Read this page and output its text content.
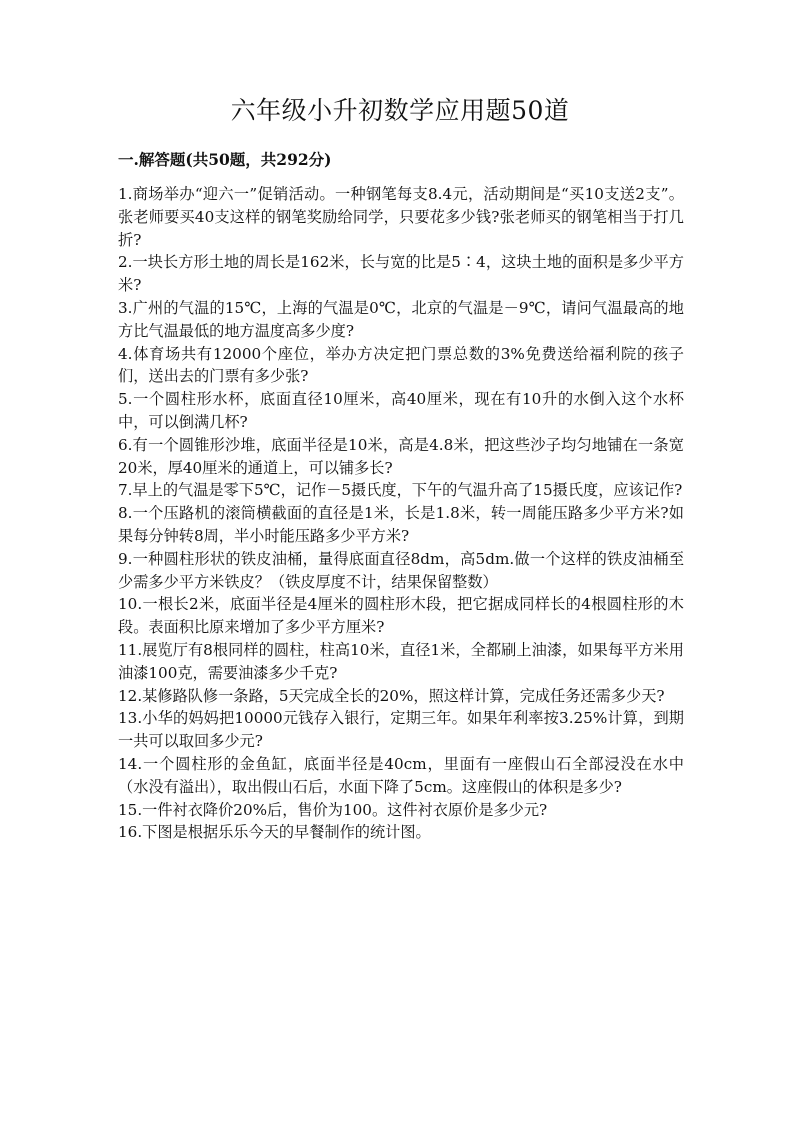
六年级小升初数学应用题50道
一.解答题(共50题，共292分)

1.商场举办“迎六一”促销活动。一种钢笔每支8.4元，活动期间是“买10支送2支”。张老师要买40支这样的钢笔奖励给同学，只要花多少钱?张老师买的钢笔相当于打几折?

2.一块长方形土地的周长是162米，长与宽的比是5∶4，这块土地的面积是多少平方米?

3.广州的气温的15℃，上海的气温是0℃，北京的气温是－9℃，请问气温最高的地方比气温最低的地方温度高多少度?

4.体育场共有12000个座位，举办方决定把门票总数的3%免费送给福利院的孩子们，送出去的门票有多少张?

5.一个圆柱形水杯，底面直径10厘米，高40厘米，现在有10升的水倒入这个水杯中，可以倒满几杯?

6.有一个圆锥形沙堆，底面半径是10米，高是4.8米，把这些沙子均匀地铺在一条宽20米，厚40厘米的通道上，可以铺多长?

7.早上的气温是零下5℃，记作－5摄氏度，下午的气温升高了15摄氏度，应该记作?

8.一个压路机的滚筒横截面的直径是1米，长是1.8米，转一周能压路多少平方米?如果每分钟转8周，半小时能压路多少平方米?

9.一种圆柱形状的铁皮油桶，量得底面直径8dm，高5dm.做一个这样的铁皮油桶至少需多少平方米铁皮？（铁皮厚度不计，结果保留整数）

10.一根长2米，底面半径是4厘米的圆柱形木段，把它据成同样长的4根圆柱形的木段。表面积比原来增加了多少平方厘米?

11.展览厅有8根同样的圆柱，柱高10米，直径1米，全都刷上油漆，如果每平方米用油漆100克，需要油漆多少千克?

12.某修路队修一条路，5天完成全长的20%，照这样计算，完成任务还需多少天?

13.小华的妈妈把10000元钱存入银行，定期三年。如果年利率按3.25%计算，到期一共可以取回多少元?

14.一个圆柱形的金鱼缸，底面半径是40cm，里面有一座假山石全部浸没在水中（水没有溢出），取出假山石后，水面下降了5cm。这座假山的体积是多少?

15.一件衬衣降价20%后，售价为100。这件衬衣原价是多少元?

16.下图是根据乐乐今天的早餐制作的统计图。
